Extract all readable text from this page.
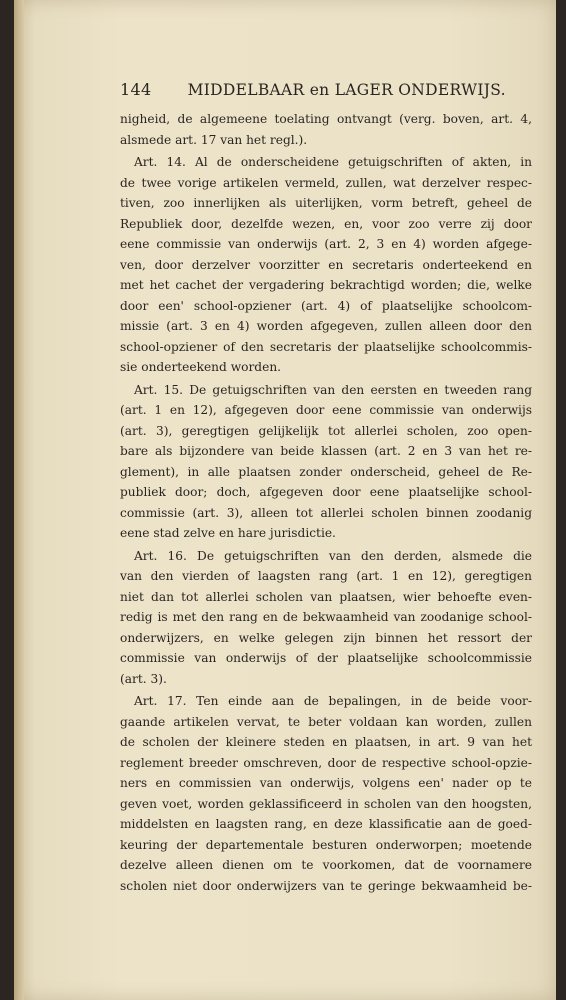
144	MIDDELBAAR en LAGER ONDERWIJS.

nigheid, de algemeene toelating ontvangt (verg. boven, art. 4,
alsmede art. 17 van het regl.).

Art. 14. Al de onderscheidene getuigschriften of akten, in
de twee vorige artikelen vermeld, zullen, wat derzelver respec-
tiven, zoo innerlijken als uiterlijken, vorm betreft, geheel de
Republiek door, dezelfde wezen, en, voor zoo verre zij door
eene commissie van onderwijs (art. 2, 3 en 4) worden afgege-
ven, door derzelver voorzitter en secretaris onderteekend en
met het cachet der vergadering bekrachtigd worden; die, welke
door een' school-opziener (art. 4) of plaatselijke schoolcom-
missie (art. 3 en 4) worden afgegeven, zullen alleen door den
school-opziener of den secretaris der plaatselijke schoolcommis-
sie onderteekend worden.

Art. 15. De getuigschriften van den eersten en tweeden rang
(art. 1 en 12), afgegeven door eene commissie van onderwijs
(art. 3), geregtigen gelijkelijk tot allerlei scholen, zoo open-
bare als bijzondere van beide klassen (art. 2 en 3 van het re-
glement), in alle plaatsen zonder onderscheid, geheel de Re-
publiek door; doch, afgegeven door eene plaatselijke school-
commissie (art. 3), alleen tot allerlei scholen binnen zoodanig
eene stad zelve en hare jurisdictie.

Art. 16. De getuigschriften van den derden, alsmede die
van den vierden of laagsten rang (art. 1 en 12), geregtigen
niet dan tot allerlei scholen van plaatsen, wier behoefte even-
redig is met den rang en de bekwaamheid van zoodanige school-
onderwijzers, en welke gelegen zijn binnen het ressort der
commissie van onderwijs of der plaatselijke schoolcommissie
(art. 3).

Art. 17. Ten einde aan de bepalingen, in de beide voor-
gaande artikelen vervat, te beter voldaan kan worden, zullen
de scholen der kleinere steden en plaatsen, in art. 9 van het
reglement breeder omschreven, door de respective school-opzie-
ners en commissien van onderwijs, volgens een' nader op te
geven voet, worden geklassificeerd in scholen van den hoogsten,
middelsten en laagsten rang, en deze klassificatie aan de goed-
keuring der departementale besturen onderworpen; moetende
dezelve alleen dienen om te voorkomen, dat de voornamere
scholen niet door onderwijzers van te geringe bekwaamheid be-
